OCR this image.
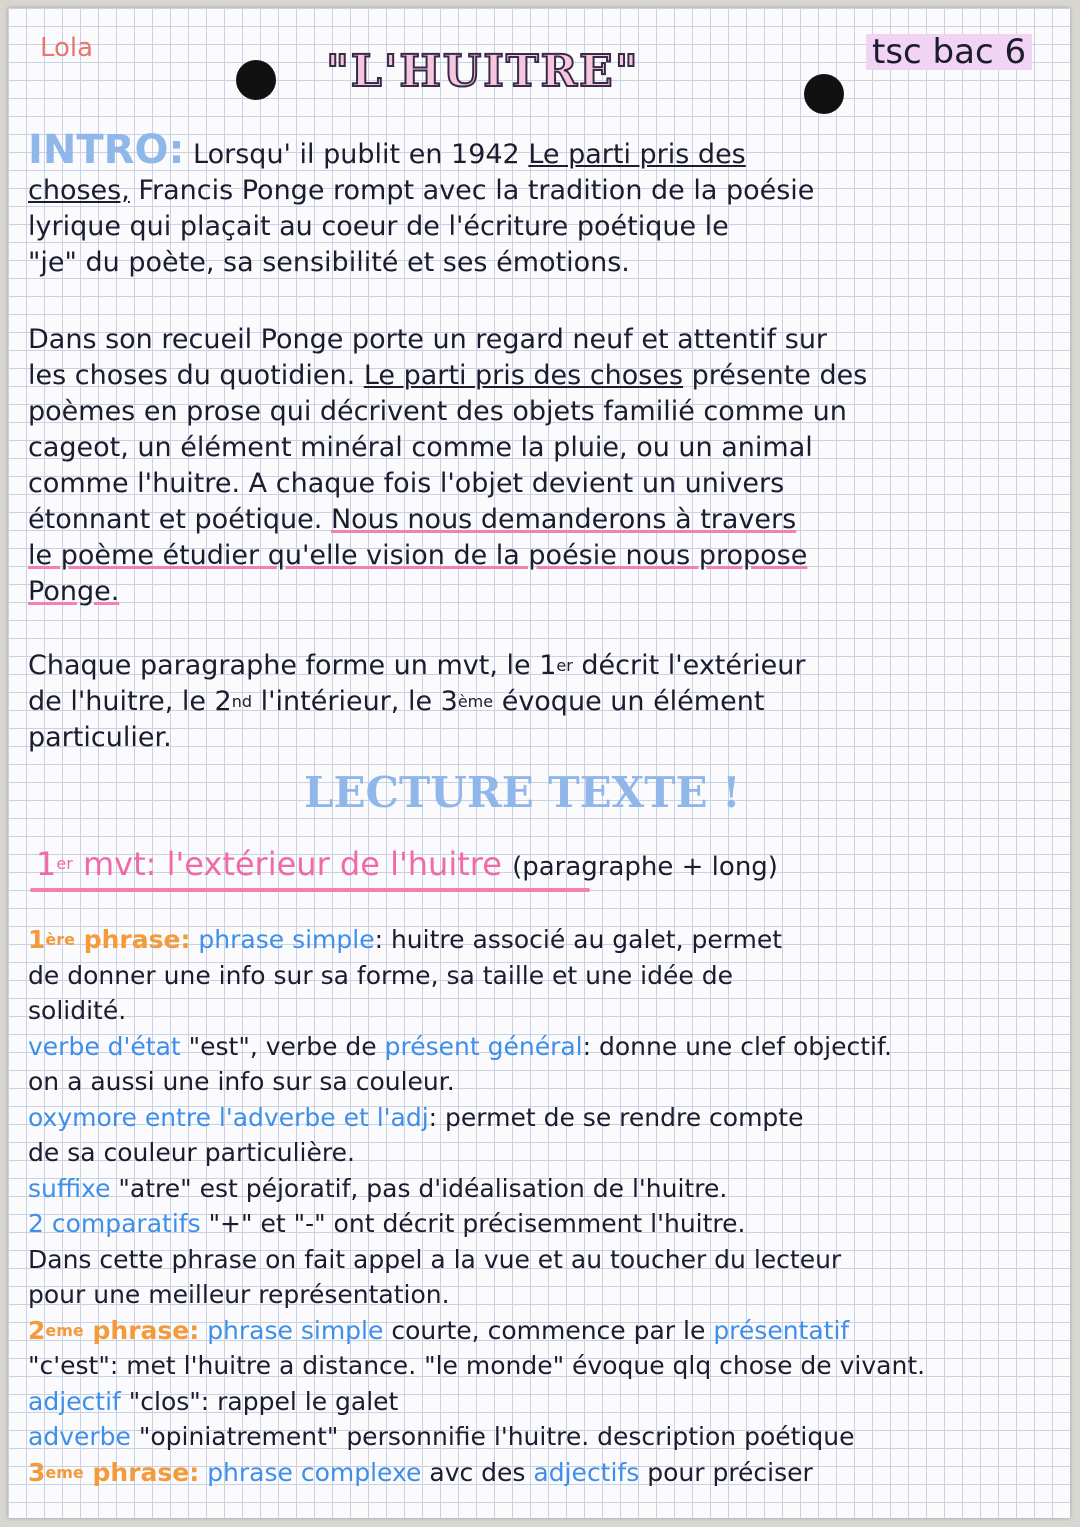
Lola	"L'HUITRE"	tsc bac 6
INTRO: Lorsqu' il publit en 1942 Le parti pris des
choses, Francis Ponge rompt avec la tradition de la poésie
lyrique qui plaçait au coeur de l'écriture poétique le
"je" du poète, sa sensibilité et ses émotions.
Dans son recueil Ponge porte un regard neuf et attentif sur
les choses du quotidien. Le parti pris des choses présente des
poèmes en prose qui décrivent des objets familié comme un
cageot, un élément minéral comme la pluie, ou un animal
comme l'huitre. A chaque fois l'objet devient un univers
étonnant et poétique. Nous nous demanderons à travers
le poème étudier qu'elle vision de la poésie nous propose
Ponge.
Chaque paragraphe forme un mvt, le 1er décrit l'extérieur
de l'huitre, le 2nd l'intérieur, le 3ème évoque un élément
particulier.
LECTURE TEXTE !
1er mvt: l'extérieur de l'huitre (paragraphe + long)
1ère phrase: phrase simple: huitre associé au galet, permet
de donner une info sur sa forme, sa taille et une idée de
solidité.
verbe d'état "est", verbe de présent général: donne une clef objectif.
on a aussi une info sur sa couleur.
oxymore entre l'adverbe et l'adj: permet de se rendre compte
de sa couleur particulière.
suffixe "atre" est péjoratif, pas d'idéalisation de l'huitre.
2 comparatifs "+" et "-" ont décrit précisemment l'huitre.
Dans cette phrase on fait appel a la vue et au toucher du lecteur
pour une meilleur représentation.
2eme phrase: phrase simple courte, commence par le présentatif
"c'est": met l'huitre a distance. "le monde" évoque qlq chose de vivant.
adjectif "clos": rappel le galet
adverbe "opiniatrement" personnifie l'huitre. description poétique
3eme phrase: phrase complexe avc des adjectifs pour préciser
